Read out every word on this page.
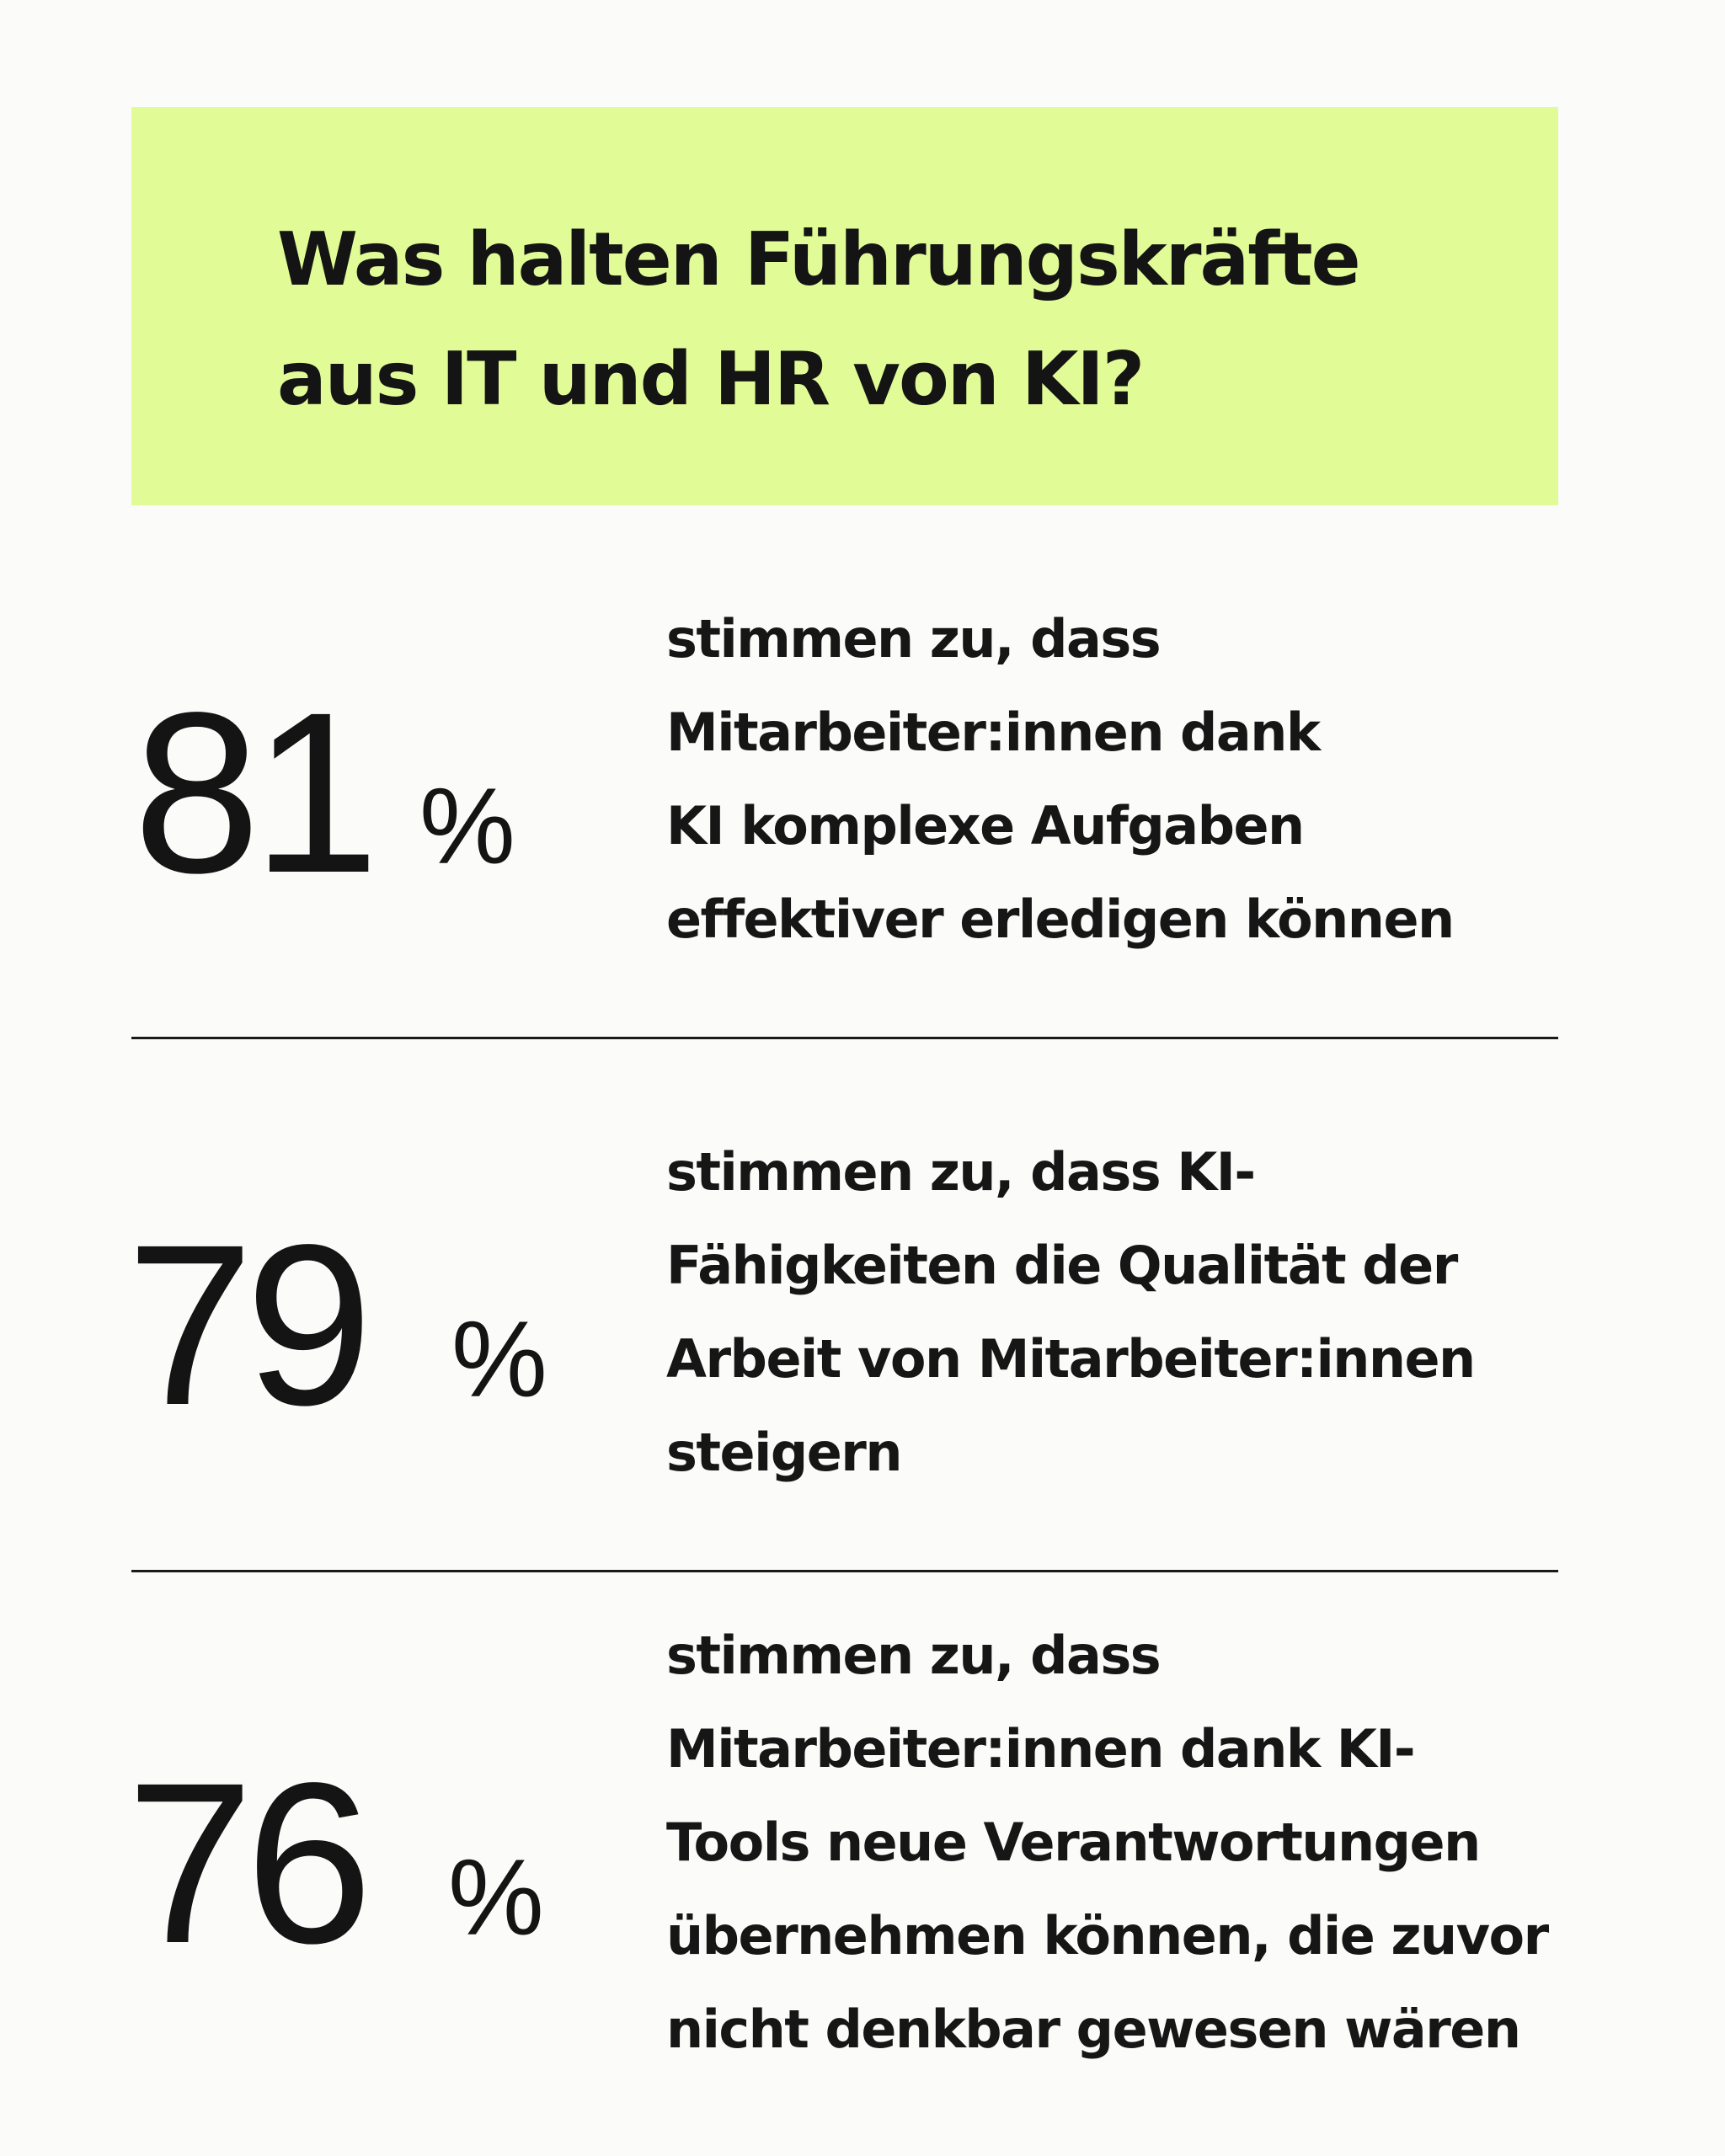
Was halten Führungskräfte
aus IT und HR von KI?
81 %

stimmen zu, dass
Mitarbeiter:innen dank
KI komplexe Aufgaben
effektiver erledigen können

79 %

stimmen zu, dass KI-
Fähigkeiten die Qualität der
Arbeit von Mitarbeiter:innen
steigern

76 %

stimmen zu, dass
Mitarbeiter:innen dank KI-
Tools neue Verantwortungen
übernehmen können, die zuvor
nicht denkbar gewesen wären
